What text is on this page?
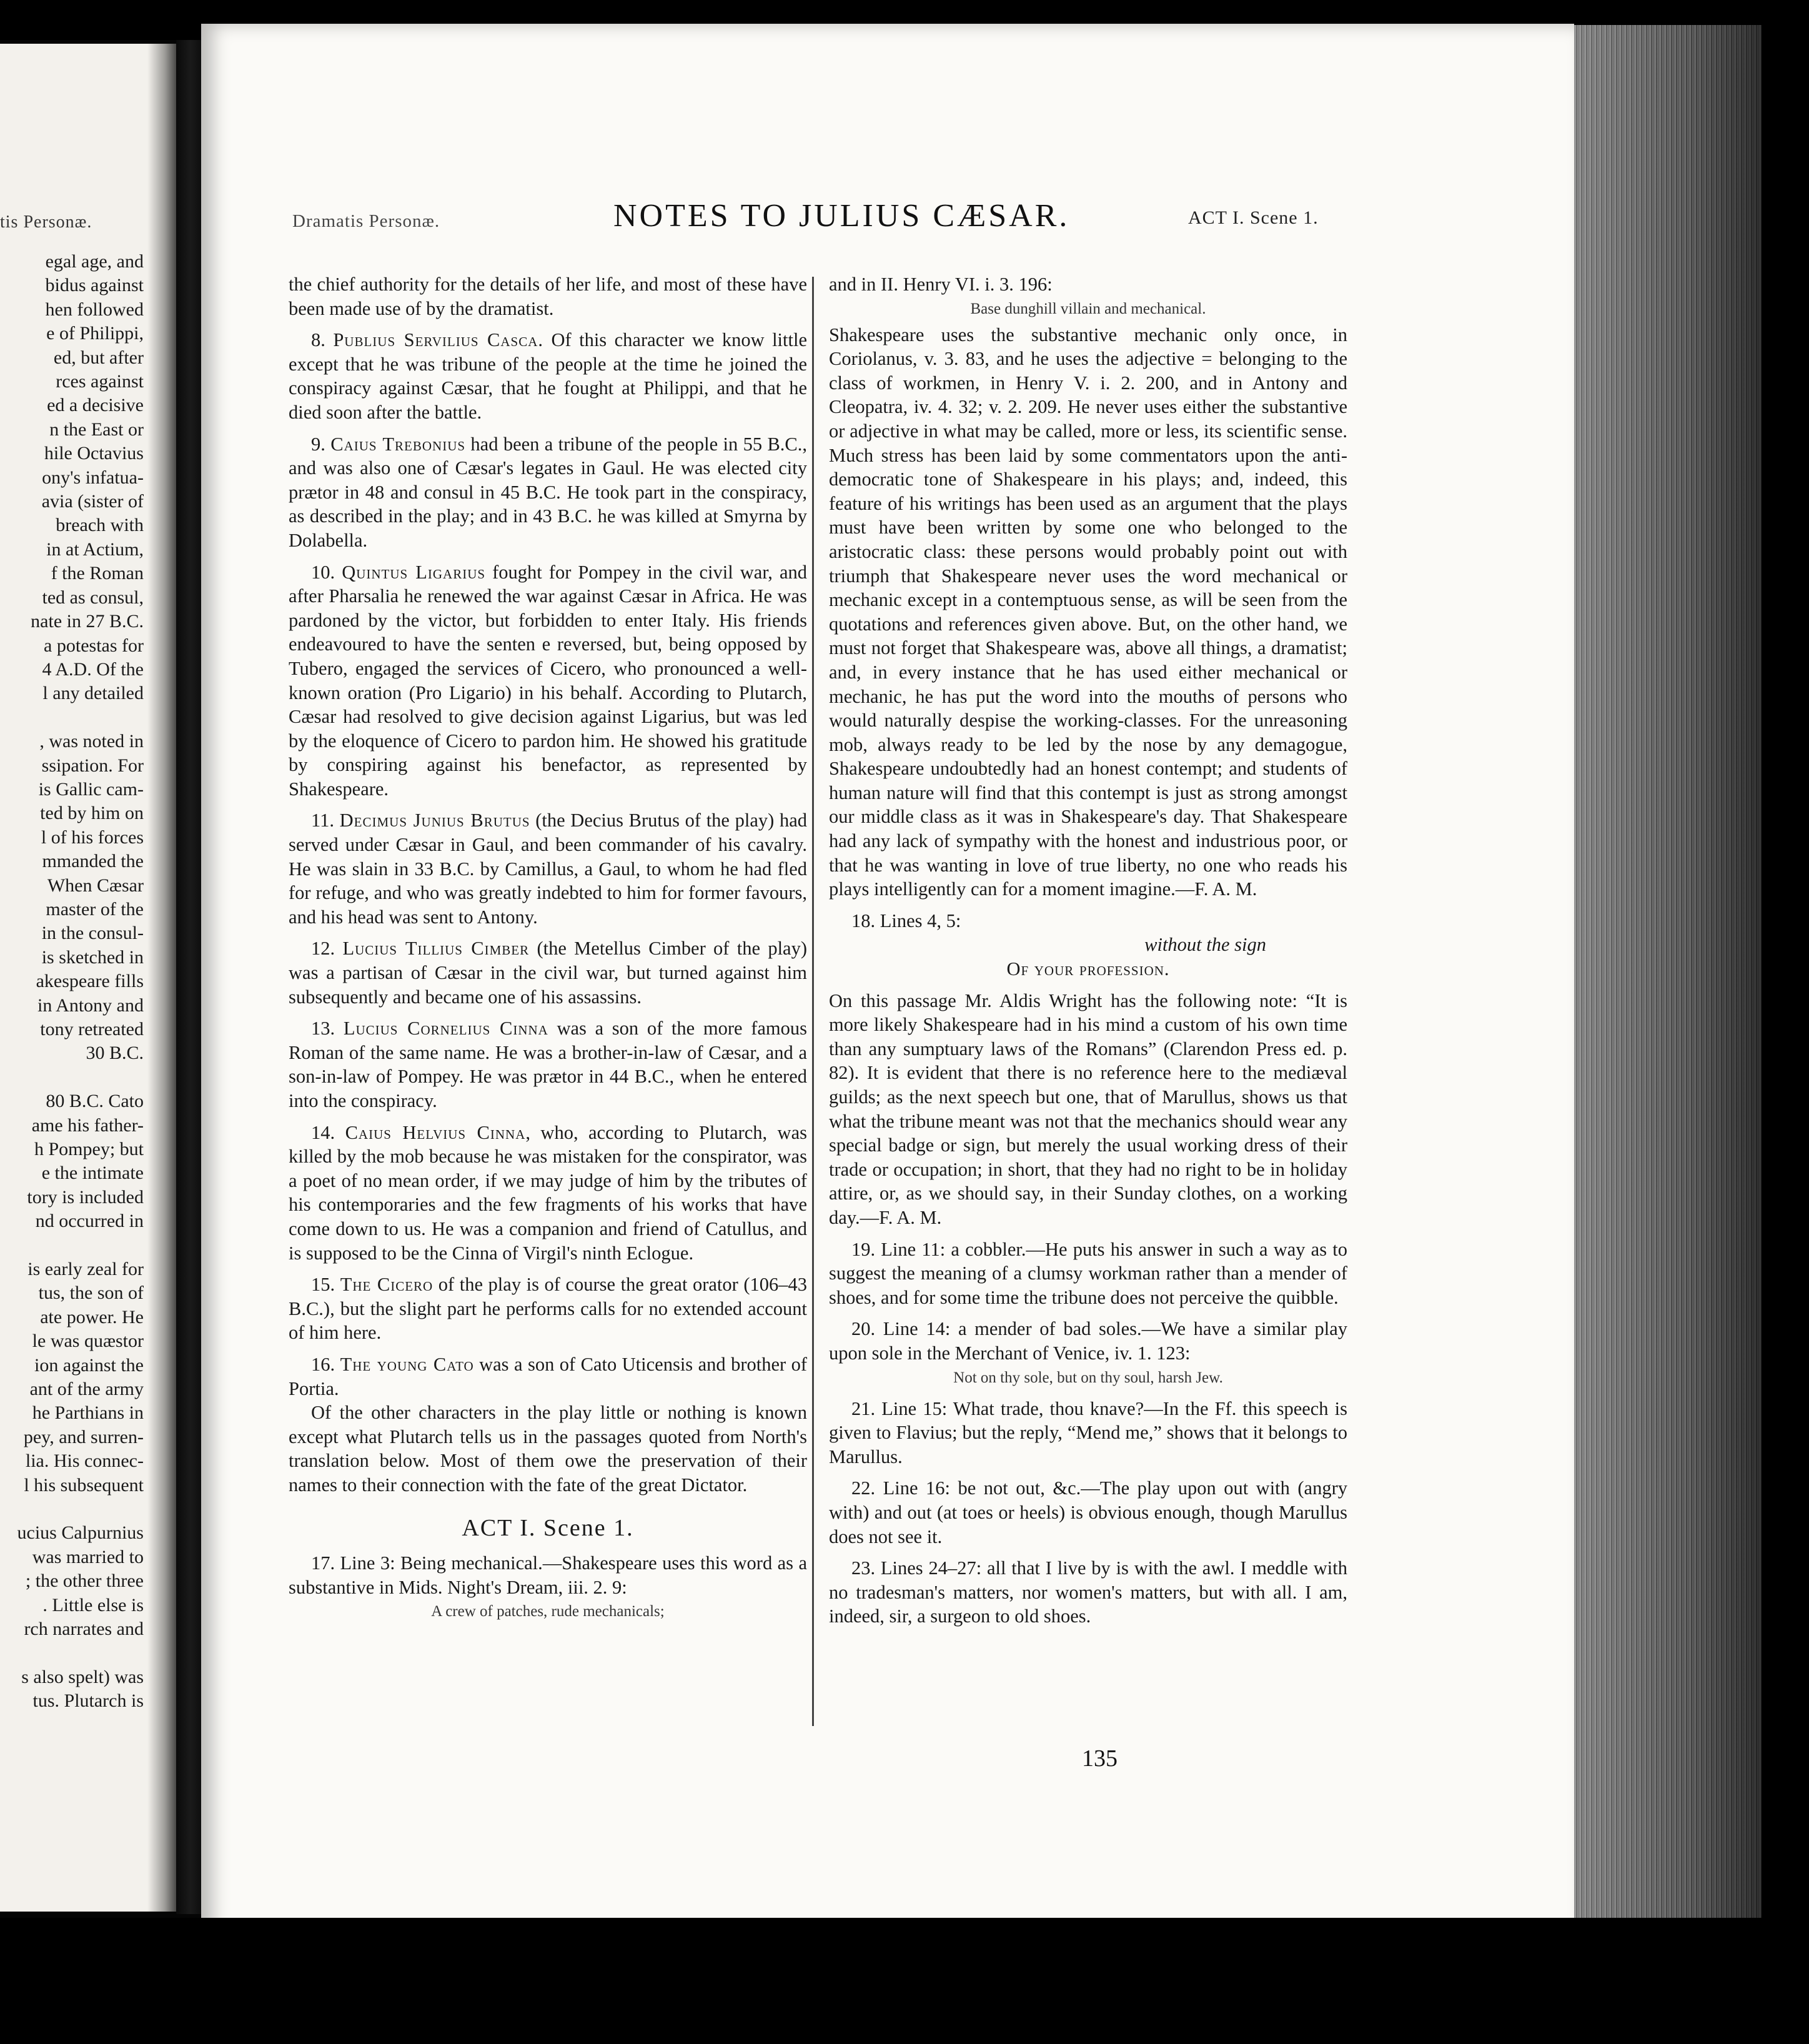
tis Personæ.
egal age, and
bidus against
hen followed
e of Philippi,
ed, but after
rces against
ed a decisive
n the East or
hile Octavius
ony's infatua-
avia (sister of
breach with
in at Actium,
f the Roman
ted as consul,
nate in 27 B.C.
a potestas for
4 A.D. Of the
l any detailed
, was noted in
ssipation. For
is Gallic cam-
ted by him on
l of his forces
mmanded the
When Cæsar
master of the
in the consul-
is sketched in
akespeare fills
in Antony and
tony retreated
30 B.C.
80 B.C. Cato
ame his father-
h Pompey; but
e the intimate
tory is included
nd occurred in
is early zeal for
tus, the son of
ate power. He
le was quæstor
ion against the
ant of the army
he Parthians in
pey, and surren-
lia. His connec-
l his subsequent
ucius Calpurnius
was married to
; the other three
. Little else is
rch narrates and
s also spelt) was
tus. Plutarch is
Dramatis Personæ.	NOTES TO JULIUS CÆSAR.	ACT I. Scene 1.

the chief authority for the details of her life, and most of these have been made use of by the dramatist.

8. Publius Servilius Casca. Of this character we know little except that he was tribune of the people at the time he joined the conspiracy against Cæsar, that he fought at Philippi, and that he died soon after the battle.

9. Caius Trebonius had been a tribune of the people in 55 B.C., and was also one of Cæsar's legates in Gaul. He was elected city prætor in 48 and consul in 45 B.C. He took part in the conspiracy, as described in the play; and in 43 B.C. he was killed at Smyrna by Dolabella.

10. Quintus Ligarius fought for Pompey in the civil war, and after Pharsalia he renewed the war against Cæsar in Africa. He was pardoned by the victor, but forbidden to enter Italy. His friends endeavoured to have the senten e reversed, but, being opposed by Tubero, engaged the services of Cicero, who pronounced a well-known oration (Pro Ligario) in his behalf. According to Plutarch, Cæsar had resolved to give decision against Ligarius, but was led by the eloquence of Cicero to pardon him. He showed his gratitude by conspiring against his benefactor, as represented by Shakespeare.

11. Decimus Junius Brutus (the Decius Brutus of the play) had served under Cæsar in Gaul, and been commander of his cavalry. He was slain in 33 B.C. by Camillus, a Gaul, to whom he had fled for refuge, and who was greatly indebted to him for former favours, and his head was sent to Antony.

12. Lucius Tillius Cimber (the Metellus Cimber of the play) was a partisan of Cæsar in the civil war, but turned against him subsequently and became one of his assassins.

13. Lucius Cornelius Cinna was a son of the more famous Roman of the same name. He was a brother-in-law of Cæsar, and a son-in-law of Pompey. He was prætor in 44 B.C., when he entered into the conspiracy.

14. Caius Helvius Cinna, who, according to Plutarch, was killed by the mob because he was mistaken for the conspirator, was a poet of no mean order, if we may judge of him by the tributes of his contemporaries and the few fragments of his works that have come down to us. He was a companion and friend of Catullus, and is supposed to be the Cinna of Virgil's ninth Eclogue.

15. The Cicero of the play is of course the great orator (106–43 B.C.), but the slight part he performs calls for no extended account of him here.

16. The young Cato was a son of Cato Uticensis and brother of Portia.

Of the other characters in the play little or nothing is known except what Plutarch tells us in the passages quoted from North's translation below. Most of them owe the preservation of their names to their connection with the fate of the great Dictator.

ACT I. Scene 1.

17. Line 3: Being mechanical.—Shakespeare uses this word as a substantive in Mids. Night's Dream, iii. 2. 9:

A crew of patches, rude mechanicals;

and in II. Henry VI. i. 3. 196:

Base dunghill villain and mechanical.

Shakespeare uses the substantive mechanic only once, in Coriolanus, v. 3. 83, and he uses the adjective = belonging to the class of workmen, in Henry V. i. 2. 200, and in Antony and Cleopatra, iv. 4. 32; v. 2. 209. He never uses either the substantive or adjective in what may be called, more or less, its scientific sense. Much stress has been laid by some commentators upon the anti-democratic tone of Shakespeare in his plays; and, indeed, this feature of his writings has been used as an argument that the plays must have been written by some one who belonged to the aristocratic class: these persons would probably point out with triumph that Shakespeare never uses the word mechanical or mechanic except in a contemptuous sense, as will be seen from the quotations and references given above. But, on the other hand, we must not forget that Shakespeare was, above all things, a dramatist; and, in every instance that he has used either mechanical or mechanic, he has put the word into the mouths of persons who would naturally despise the working-classes. For the unreasoning mob, always ready to be led by the nose by any demagogue, Shakespeare undoubtedly had an honest contempt; and students of human nature will find that this contempt is just as strong amongst our middle class as it was in Shakespeare's day. That Shakespeare had any lack of sympathy with the honest and industrious poor, or that he was wanting in love of true liberty, no one who reads his plays intelligently can for a moment imagine.—F. A. M.

18. Lines 4, 5:

without the sign

Of your profession.

On this passage Mr. Aldis Wright has the following note: “It is more likely Shakespeare had in his mind a custom of his own time than any sumptuary laws of the Romans” (Clarendon Press ed. p. 82). It is evident that there is no reference here to the mediæval guilds; as the next speech but one, that of Marullus, shows us that what the tribune meant was not that the mechanics should wear any special badge or sign, but merely the usual working dress of their trade or occupation; in short, that they had no right to be in holiday attire, or, as we should say, in their Sunday clothes, on a working day.—F. A. M.

19. Line 11: a cobbler.—He puts his answer in such a way as to suggest the meaning of a clumsy workman rather than a mender of shoes, and for some time the tribune does not perceive the quibble.

20. Line 14: a mender of bad soles.—We have a similar play upon sole in the Merchant of Venice, iv. 1. 123:

Not on thy sole, but on thy soul, harsh Jew.

21. Line 15: What trade, thou knave?—In the Ff. this speech is given to Flavius; but the reply, “Mend me,” shows that it belongs to Marullus.

22. Line 16: be not out, &c.—The play upon out with (angry with) and out (at toes or heels) is obvious enough, though Marullus does not see it.

23. Lines 24–27: all that I live by is with the awl. I meddle with no tradesman's matters, nor women's matters, but with all. I am, indeed, sir, a surgeon to old shoes.

135
